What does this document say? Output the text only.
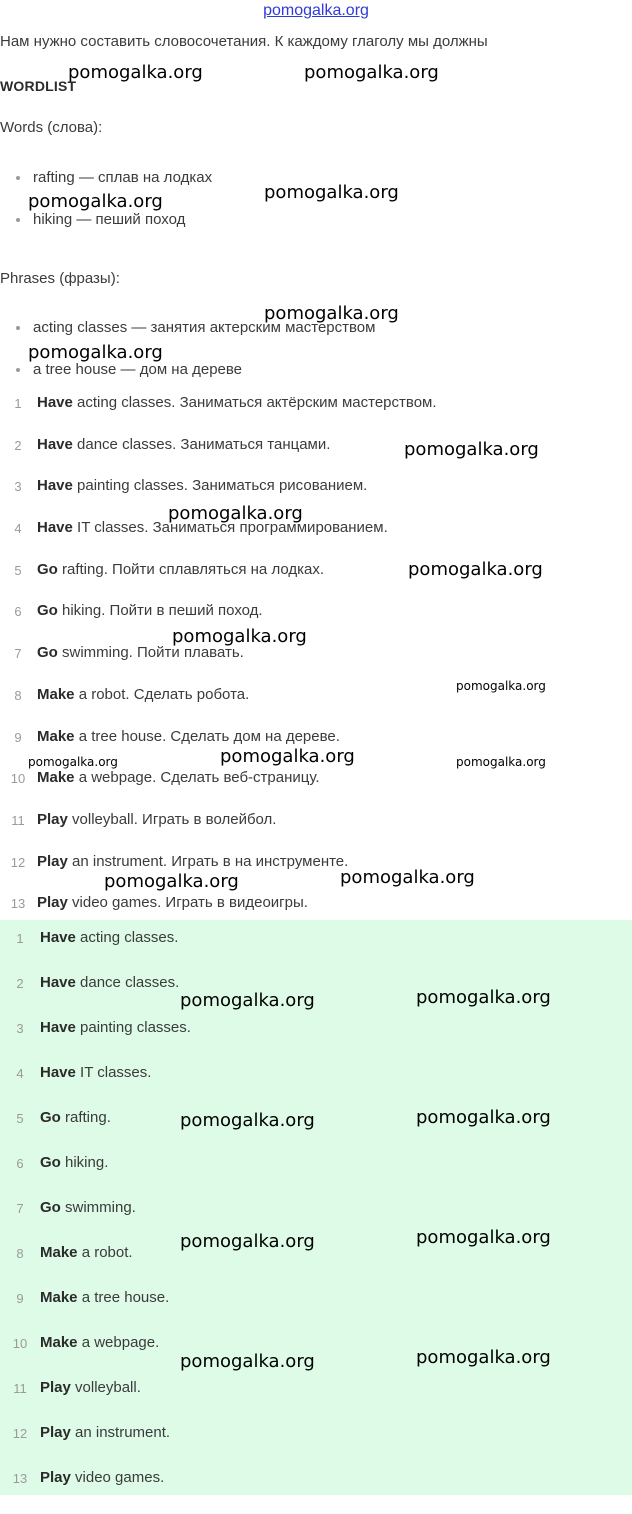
pomogalka.org
Нам нужно составить словосочетания. К каждому глаголу мы должны
WORDLIST
Words (слова):
rafting — сплав на лодках
hiking — пеший поход
Phrases (фразы):
acting classes — занятия актерским мастерством
a tree house — дом на дереве
1	Have acting classes. Заниматься актёрским мастерством.
2	Have dance classes. Заниматься танцами.
3	Have painting classes. Заниматься рисованием.
4	Have IT classes. Заниматься программированием.
5	Go rafting. Пойти сплавляться на лодках.
6	Go hiking. Пойти в пеший поход.
7	Go swimming. Пойти плавать.
8	Make a robot. Сделать робота.
9	Make a tree house. Сделать дом на дереве.
10 Make a webpage. Сделать веб-страницу.
11 Play volleyball. Играть в волейбол.
12 Play an instrument. Играть в на инструменте.
13 Play video games. Играть в видеоигры.
1	Have acting classes.
2	Have dance classes.
3	Have painting classes.
4	Have IT classes.
5	Go rafting.
6	Go hiking.
7	Go swimming.
8	Make a robot.
9	Make a tree house.
10 Make a webpage.
11 Play volleyball.
12 Play an instrument.
13 Play video games.
pomogalka.org	pomogalka.org
pomogalka.org
pomogalka.org
pomogalka.org
pomogalka.org
pomogalka.org
pomogalka.org
pomogalka.org
pomogalka.org
pomogalka.org
pomogalka.org
pomogalka.org	pomogalka.org
pomogalka.org
pomogalka.org
pomogalka.org
pomogalka.org
pomogalka.org
pomogalka.org
pomogalka.org
pomogalka.org
pomogalka.org
pomogalka.org
